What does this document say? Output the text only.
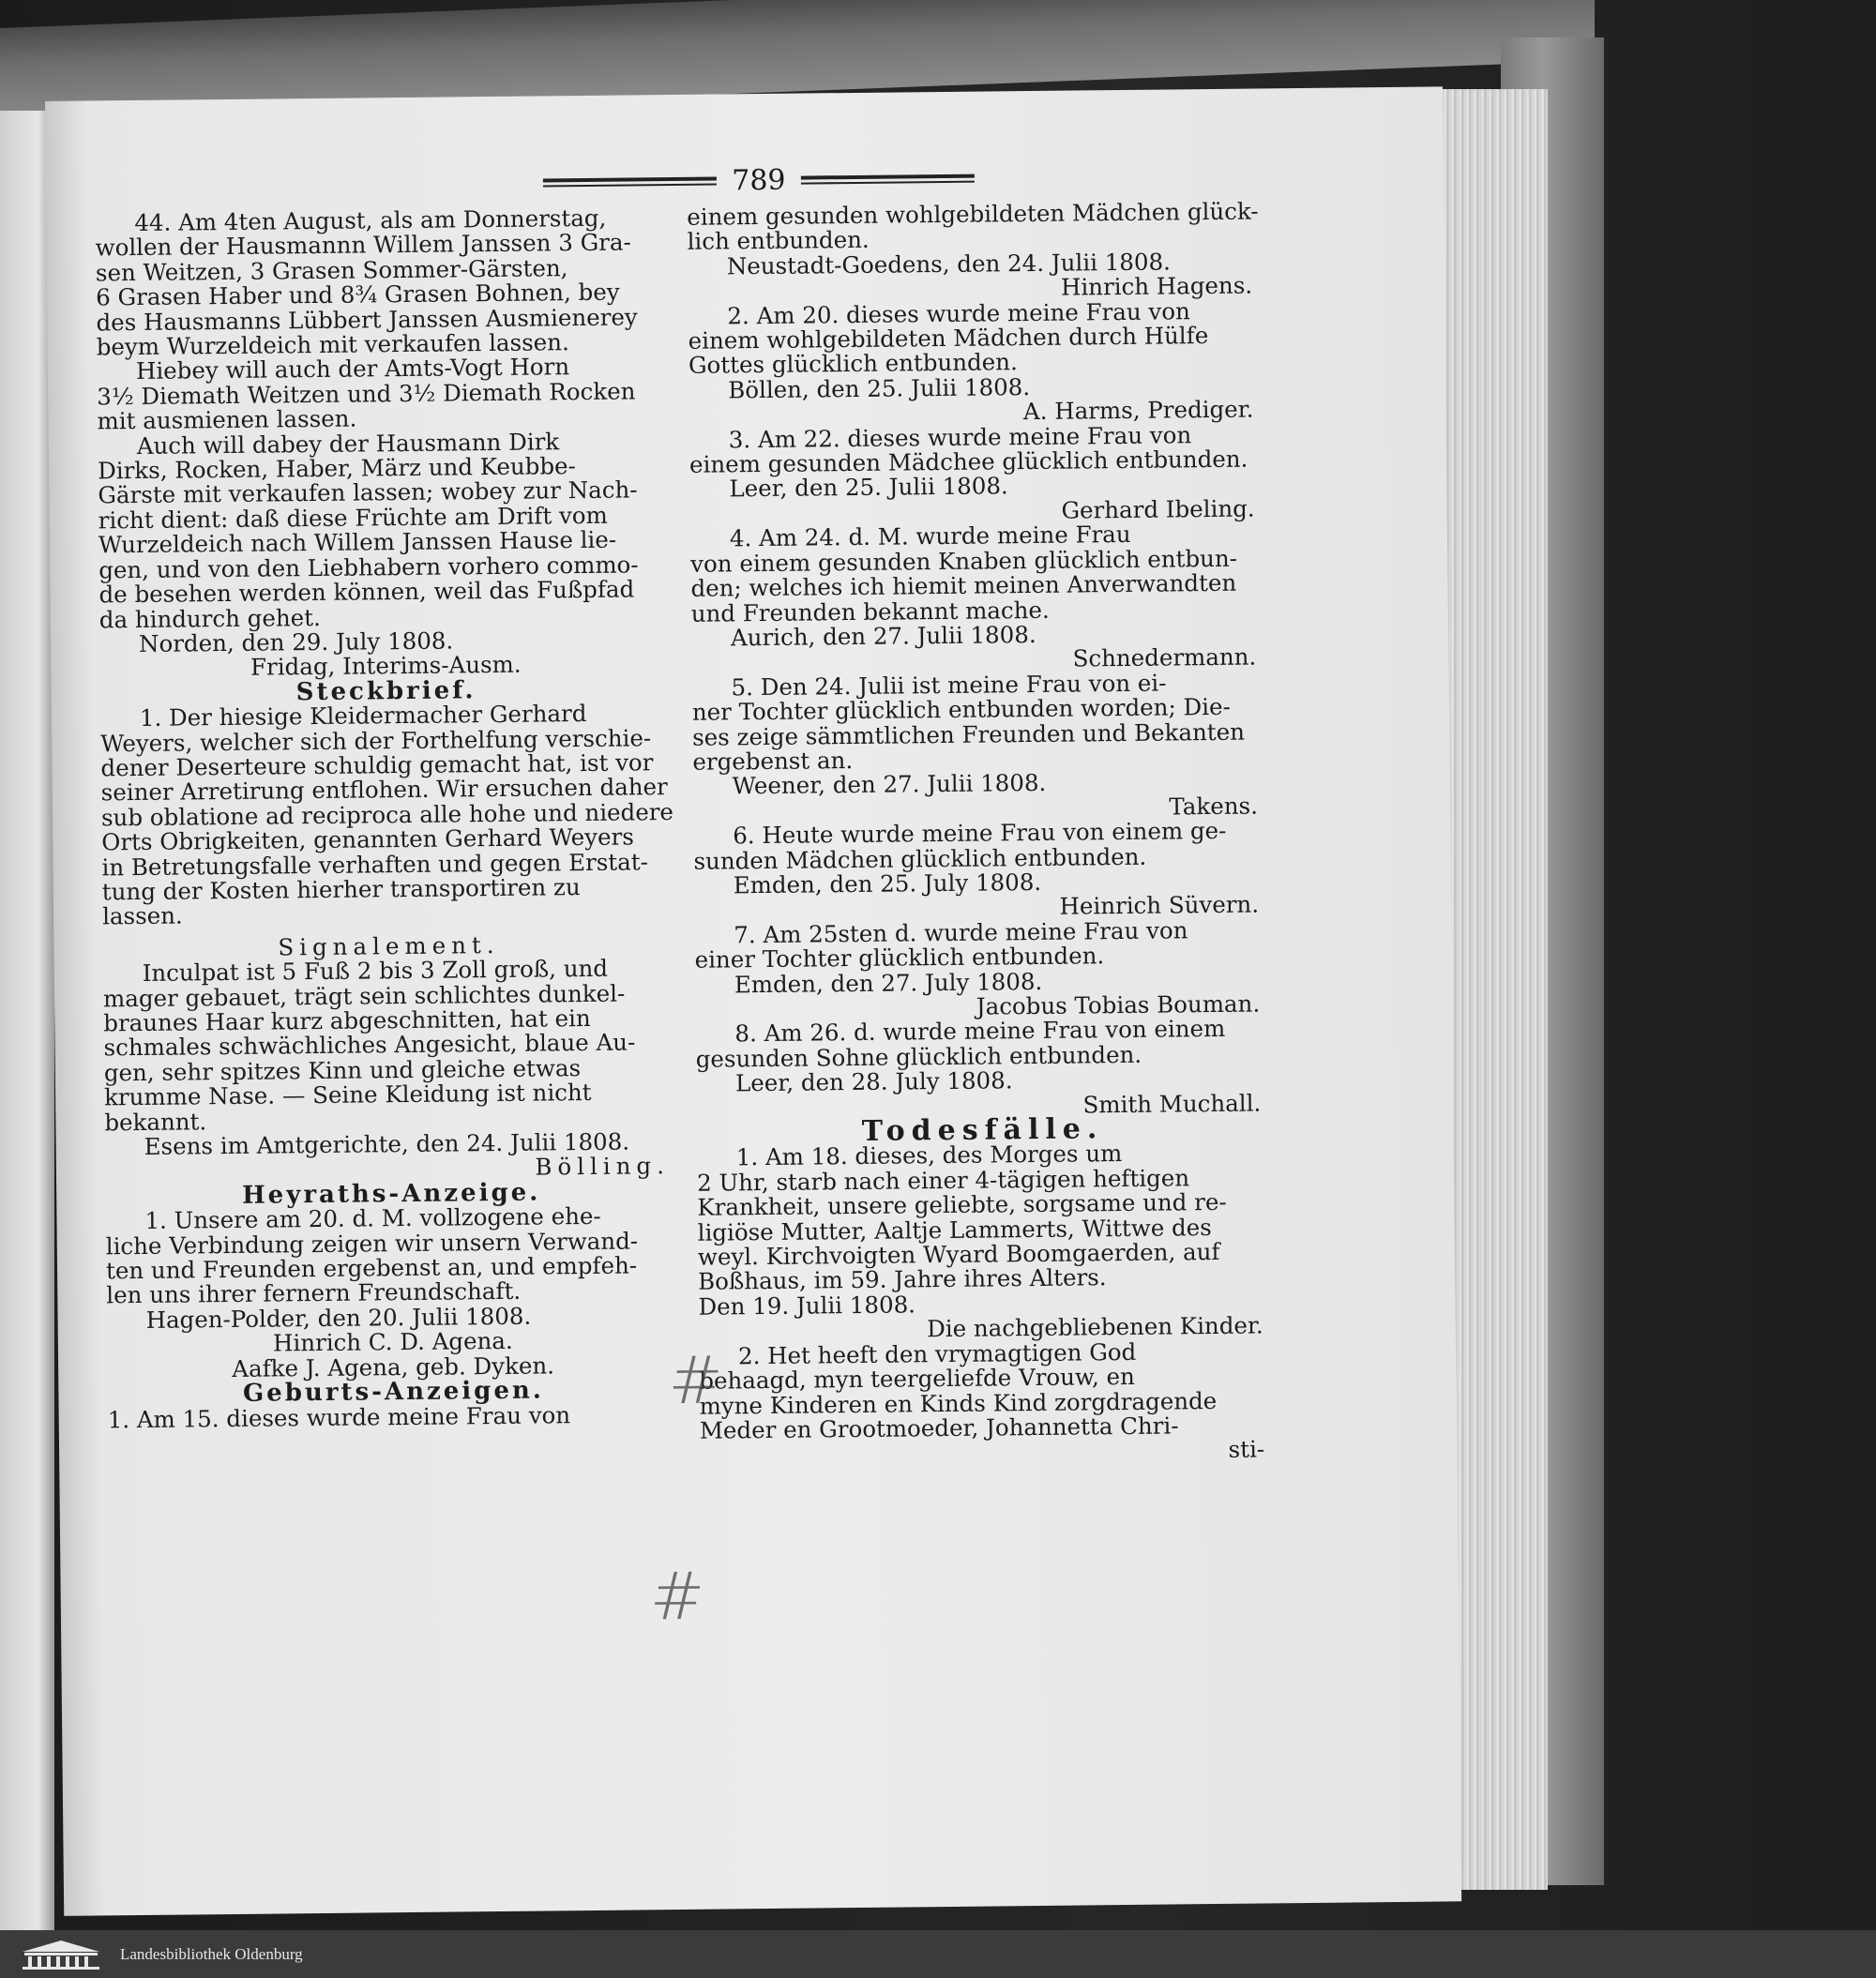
789

44. Am 4ten August, als am Donnerstag,

wollen der Hausmannn Willem Janssen 3 Gra-

sen Weitzen, 3 Grasen Sommer-Gärsten,

6 Grasen Haber und 8¾ Grasen Bohnen, bey

des Hausmanns Lübbert Janssen Ausmienerey

beym Wurzeldeich mit verkaufen lassen.

Hiebey will auch der Amts-Vogt Horn

3½ Diemath Weitzen und 3½ Diemath Rocken

mit ausmienen lassen.

Auch will dabey der Hausmann Dirk

Dirks, Rocken, Haber, März und Keubbe-

Gärste mit verkaufen lassen; wobey zur Nach-

richt dient: daß diese Früchte am Drift vom

Wurzeldeich nach Willem Janssen Hause lie-

gen, und von den Liebhabern vorhero commo-

de besehen werden können, weil das Fußpfad

da hindurch gehet.

Norden, den 29. July 1808.

Fridag, Interims-Ausm.

Steckbrief.

1. Der hiesige Kleidermacher Gerhard

Weyers, welcher sich der Forthelfung verschie-

dener Deserteure schuldig gemacht hat, ist vor

seiner Arretirung entflohen. Wir ersuchen daher

sub oblatione ad reciproca alle hohe und niedere

Orts Obrigkeiten, genannten Gerhard Weyers

in Betretungsfalle verhaften und gegen Erstat-

tung der Kosten hierher transportiren zu

lassen.

Signalement.

Inculpat ist 5 Fuß 2 bis 3 Zoll groß, und

mager gebauet, trägt sein schlichtes dunkel-

braunes Haar kurz abgeschnitten, hat ein

schmales schwächliches Angesicht, blaue Au-

gen, sehr spitzes Kinn und gleiche etwas

krumme Nase. — Seine Kleidung ist nicht

bekannt.

Esens im Amtgerichte, den 24. Julii 1808.

Bölling.

Heyraths-Anzeige.

1. Unsere am 20. d. M. vollzogene ehe-

liche Verbindung zeigen wir unsern Verwand-

ten und Freunden ergebenst an, und empfeh-

len uns ihrer fernern Freundschaft.

Hagen-Polder, den 20. Julii 1808.

Hinrich C. D. Agena.

Aafke J. Agena, geb. Dyken.

Geburts-Anzeigen.

1. Am 15. dieses wurde meine Frau von

einem gesunden wohlgebildeten Mädchen glück-

lich entbunden.

Neustadt-Goedens, den 24. Julii 1808.

Hinrich Hagens.

2. Am 20. dieses wurde meine Frau von

einem wohlgebildeten Mädchen durch Hülfe

Gottes glücklich entbunden.

Böllen, den 25. Julii 1808.

A. Harms, Prediger.

3. Am 22. dieses wurde meine Frau von

einem gesunden Mädchee glücklich entbunden.

Leer, den 25. Julii 1808.

Gerhard Ibeling.

4. Am 24. d. M. wurde meine Frau

von einem gesunden Knaben glücklich entbun-

den; welches ich hiemit meinen Anverwandten

und Freunden bekannt mache.

Aurich, den 27. Julii 1808.

Schnedermann.

5. Den 24. Julii ist meine Frau von ei-

ner Tochter glücklich entbunden worden; Die-

ses zeige sämmtlichen Freunden und Bekanten

ergebenst an.

Weener, den 27. Julii 1808.

Takens.

6. Heute wurde meine Frau von einem ge-

sunden Mädchen glücklich entbunden.

Emden, den 25. July 1808.

Heinrich Süvern.

7. Am 25sten d. wurde meine Frau von

einer Tochter glücklich entbunden.

Emden, den 27. July 1808.

Jacobus Tobias Bouman.

8. Am 26. d. wurde meine Frau von einem

gesunden Sohne glücklich entbunden.

Leer, den 28. July 1808.

Smith Muchall.

Todesfälle.

1. Am 18. dieses, des Morges um

2 Uhr, starb nach einer 4-tägigen heftigen

Krankheit, unsere geliebte, sorgsame und re-

ligiöse Mutter, Aaltje Lammerts, Wittwe des

weyl. Kirchvoigten Wyard Boomgaerden, auf

Boßhaus, im 59. Jahre ihres Alters.

Den 19. Julii 1808.

Die nachgebliebenen Kinder.

2. Het heeft den vrymagtigen God

behaagd, myn teergeliefde Vrouw, en

myne Kinderen en Kinds Kind zorgdragende

Meder en Grootmoeder, Johannetta Chri-

sti-

#
#
Landesbibliothek Oldenburg
